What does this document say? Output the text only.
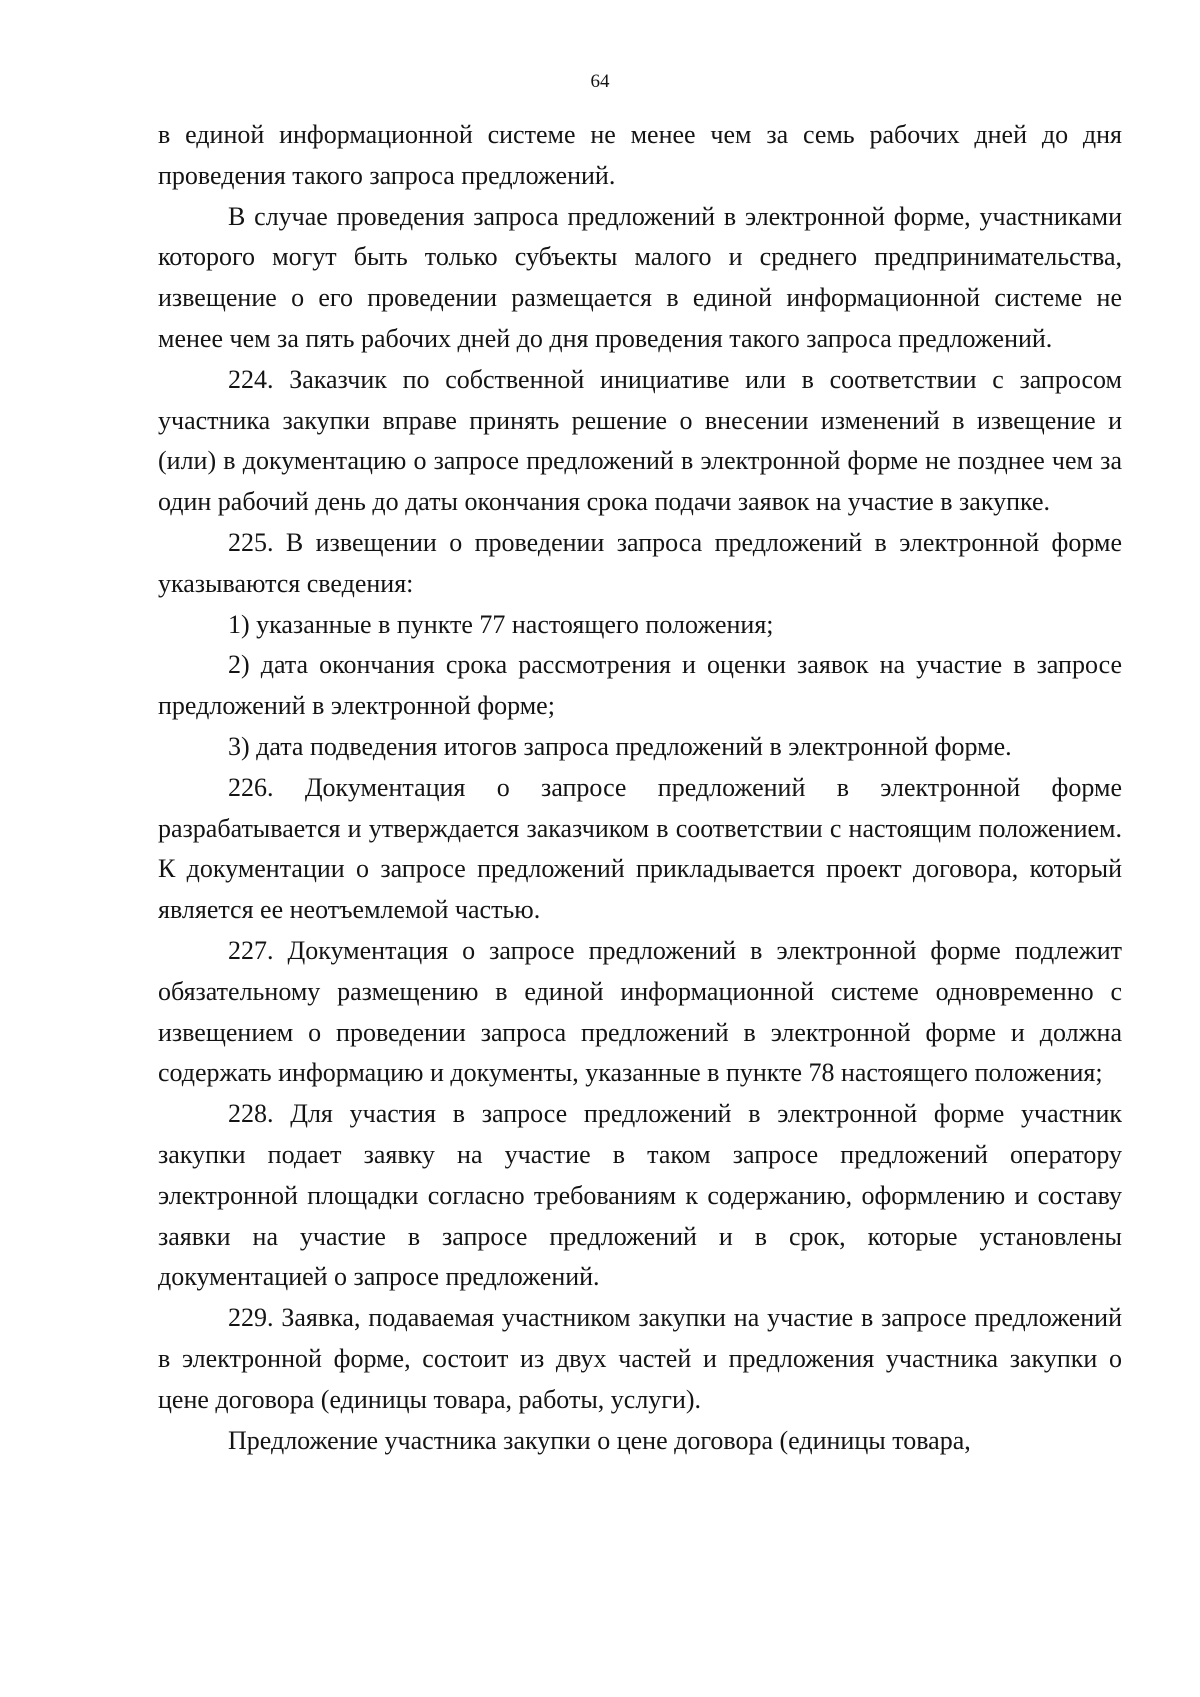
64

в единой информационной системе не менее чем за семь рабочих дней до дня проведения такого запроса предложений.

В случае проведения запроса предложений в электронной форме, участниками которого могут быть только субъекты малого и среднего предпринимательства, извещение о его проведении размещается в единой информационной системе не менее чем за пять рабочих дней до дня проведения такого запроса предложений.

224. Заказчик по собственной инициативе или в соответствии с запросом участника закупки вправе принять решение о внесении изменений в извещение и (или) в документацию о запросе предложений в электронной форме не позднее чем за один рабочий день до даты окончания срока подачи заявок на участие в закупке.

225. В извещении о проведении запроса предложений в электронной форме указываются сведения:

1) указанные в пункте 77 настоящего положения;

2) дата окончания срока рассмотрения и оценки заявок на участие в запросе предложений в электронной форме;

3) дата подведения итогов запроса предложений в электронной форме.

226. Документация о запросе предложений в электронной форме разрабатывается и утверждается заказчиком в соответствии с настоящим положением. К документации о запросе предложений прикладывается проект договора, который является ее неотъемлемой частью.

227. Документация о запросе предложений в электронной форме подлежит обязательному размещению в единой информационной системе одновременно с извещением о проведении запроса предложений в электронной форме и должна содержать информацию и документы, указанные в пункте 78 настоящего положения;

228. Для участия в запросе предложений в электронной форме участник закупки подает заявку на участие в таком запросе предложений оператору электронной площадки согласно требованиям к содержанию, оформлению и составу заявки на участие в запросе предложений и в срок, которые установлены документацией о запросе предложений.

229. Заявка, подаваемая участником закупки на участие в запросе предложений в электронной форме, состоит из двух частей и предложения участника закупки о цене договора (единицы товара, работы, услуги).

Предложение участника закупки о цене договора (единицы товара,
